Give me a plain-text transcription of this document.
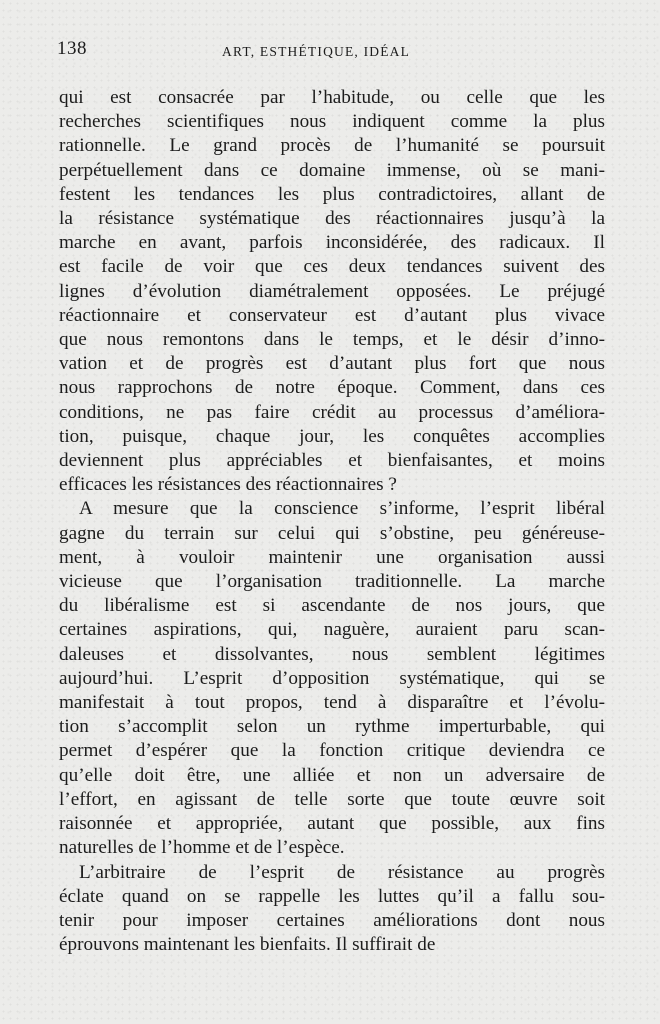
138	ART, ESTHÉTIQUE, IDÉAL
qui est consacrée par l’habitude, ou celle que les
recherches scientifiques nous indiquent comme la plus
rationnelle. Le grand procès de l’humanité se poursuit
perpétuellement dans ce domaine immense, où se mani-
festent les tendances les plus contradictoires, allant de
la résistance systématique des réactionnaires jusqu’à la
marche en avant, parfois inconsidérée, des radicaux. Il
est facile de voir que ces deux tendances suivent des
lignes d’évolution diamétralement opposées. Le préjugé
réactionnaire et conservateur est d’autant plus vivace
que nous remontons dans le temps, et le désir d’inno-
vation et de progrès est d’autant plus fort que nous
nous rapprochons de notre époque. Comment, dans ces
conditions, ne pas faire crédit au processus d’améliora-
tion, puisque, chaque jour, les conquêtes accomplies
deviennent plus appréciables et bienfaisantes, et moins
efficaces les résistances des réactionnaires ?
A mesure que la conscience s’informe, l’esprit libéral
gagne du terrain sur celui qui s’obstine, peu généreuse-
ment, à vouloir maintenir une organisation aussi
vicieuse que l’organisation traditionnelle. La marche
du libéralisme est si ascendante de nos jours, que
certaines aspirations, qui, naguère, auraient paru scan-
daleuses et dissolvantes, nous semblent légitimes
aujourd’hui. L’esprit d’opposition systématique, qui se
manifestait à tout propos, tend à disparaître et l’évolu-
tion s’accomplit selon un rythme imperturbable, qui
permet d’espérer que la fonction critique deviendra ce
qu’elle doit être, une alliée et non un adversaire de
l’effort, en agissant de telle sorte que toute œuvre soit
raisonnée et appropriée, autant que possible, aux fins
naturelles de l’homme et de l’espèce.
L’arbitraire de l’esprit de résistance au progrès
éclate quand on se rappelle les luttes qu’il a fallu sou-
tenir pour imposer certaines améliorations dont nous
éprouvons maintenant les bienfaits. Il suffirait de
